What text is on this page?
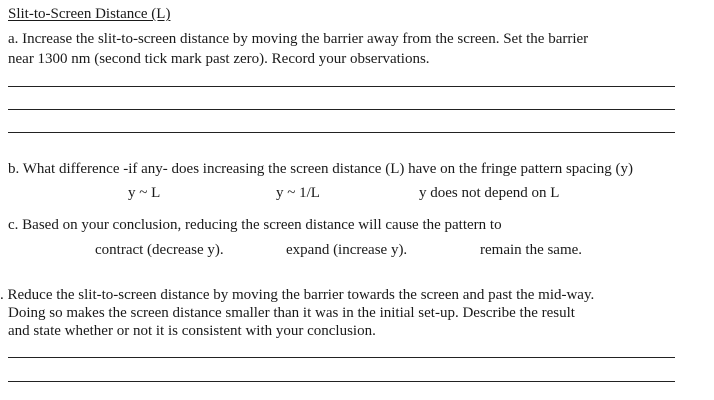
Slit-to-Screen Distance (L)
a. Increase the slit-to-screen distance by moving the barrier away from the screen. Set the barrier
near 1300 nm (second tick mark past zero). Record your observations.
b. What difference -if any- does increasing the screen distance (L) have on the fringe pattern spacing (y)
y ~ L	y ~ 1/L	y does not depend on L
c. Based on your conclusion, reducing the screen distance will cause the pattern to
contract (decrease y).	expand (increase y).	remain the same.
. Reduce the slit-to-screen distance by moving the barrier towards the screen and past the mid-way.
Doing so makes the screen distance smaller than it was in the initial set-up. Describe the result
and state whether or not it is consistent with your conclusion.
